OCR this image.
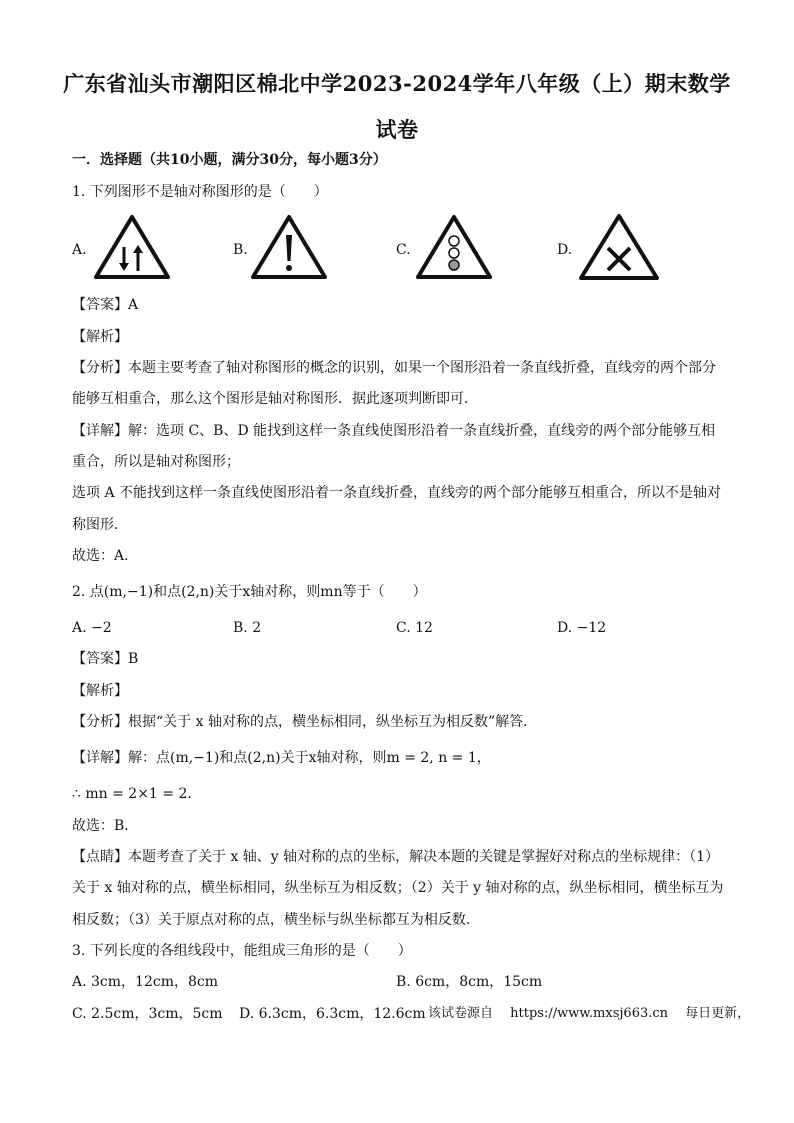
广东省汕头市潮阳区棉北中学2023-2024学年八年级（上）期末数学
试卷
一．选择题（共10小题，满分30分，每小题3分）
1. 下列图形不是轴对称图形的是（　　）
A.	B.	C.	D.
【答案】A
【解析】
【分析】本题主要考查了轴对称图形的概念的识别，如果一个图形沿着一条直线折叠，直线旁的两个部分
能够互相重合，那么这个图形是轴对称图形．据此逐项判断即可．
【详解】解：选项 C、B、D 能找到这样一条直线使图形沿着一条直线折叠，直线旁的两个部分能够互相
重合，所以是轴对称图形；
选项 A 不能找到这样一条直线使图形沿着一条直线折叠，直线旁的两个部分能够互相重合，所以不是轴对
称图形．
故选：A．
2. 点(m,−1)和点(2,n)关于x轴对称，则mn等于（　　）
A. −2	B. 2	C. 12	D. −12
【答案】B
【解析】
【分析】根据“关于 x 轴对称的点，横坐标相同，纵坐标互为相反数”解答．
【详解】解：点(m,−1)和点(2,n)关于x轴对称，则m = 2, n = 1，
∴ mn = 2×1 = 2．
故选：B．
【点睛】本题考查了关于 x 轴、y 轴对称的点的坐标，解决本题的关键是掌握好对称点的坐标规律：（1）
关于 x 轴对称的点，横坐标相同，纵坐标互为相反数；（2）关于 y 轴对称的点，纵坐标相同，横坐标互为
相反数；（3）关于原点对称的点，横坐标与纵坐标都互为相反数．
3. 下列长度的各组线段中，能组成三角形的是（　　）
A. 3cm，12cm，8cm	B. 6cm，8cm，15cm
C. 2.5cm，3cm，5cm D. 6.3cm，6.3cm，12.6cm 该试卷源自　 https://www.mxsj663.cn　 每日更新，
